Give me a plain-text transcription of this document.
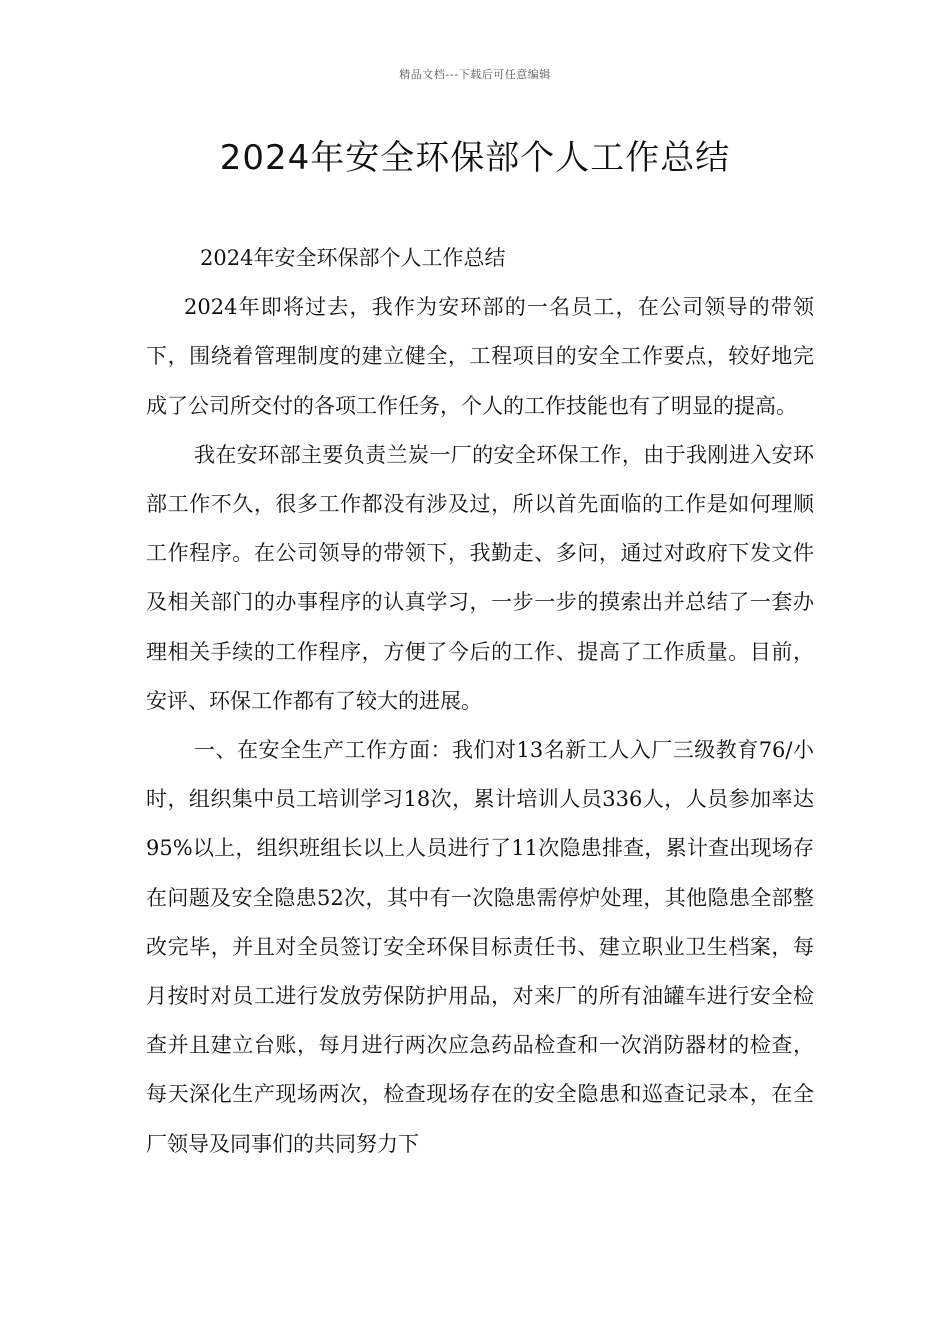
精品文档---下载后可任意编辑
2024年安全环保部个人工作总结

2024年安全环保部个人工作总结

2024年即将过去，我作为安环部的一名员工，在公司领导的带领下，围绕着管理制度的建立健全，工程项目的安全工作要点，较好地完成了公司所交付的各项工作任务，个人的工作技能也有了明显的提高。

我在安环部主要负责兰炭一厂的安全环保工作，由于我刚进入安环部工作不久，很多工作都没有涉及过，所以首先面临的工作是如何理顺工作程序。在公司领导的带领下，我勤走、多问，通过对政府下发文件及相关部门的办事程序的认真学习，一步一步的摸索出并总结了一套办理相关手续的工作程序，方便了今后的工作、提高了工作质量。目前，安评、环保工作都有了较大的进展。

一、在安全生产工作方面：我们对13名新工人入厂三级教育76/小时，组织集中员工培训学习18次，累计培训人员336人，人员参加率达95%以上，组织班组长以上人员进行了11次隐患排查，累计查出现场存在问题及安全隐患52次，其中有一次隐患需停炉处理，其他隐患全部整改完毕，并且对全员签订安全环保目标责任书、建立职业卫生档案，每月按时对员工进行发放劳保防护用品，对来厂的所有油罐车进行安全检查并且建立台账，每月进行两次应急药品检查和一次消防器材的检查，每天深化生产现场两次，检查现场存在的安全隐患和巡查记录本，在全厂领导及同事们的共同努力下
